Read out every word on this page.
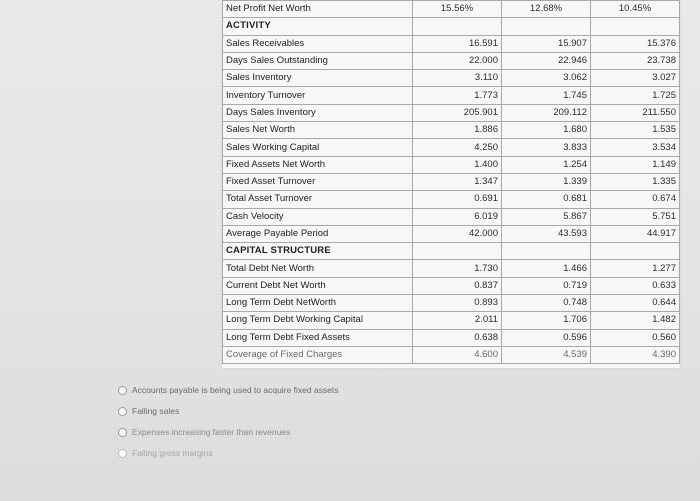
Net Profit Net Worth	15.56%	12.68%	10.45%
ACTIVITY			
Sales Receivables	16.591	15.907	15.376
Days Sales Outstanding	22.000	22.946	23.738
Sales Inventory	3.110	3.062	3.027
Inventory Turnover	1.773	1.745	1.725
Days Sales Inventory	205.901	209.112	211.550
Sales Net Worth	1.886	1.680	1.535
Sales Working Capital	4.250	3.833	3.534
Fixed Assets Net Worth	1.400	1.254	1.149
Fixed Asset Turnover	1.347	1.339	1.335
Total Asset Turnover	0.691	0.681	0.674
Cash Velocity	6.019	5.867	5.751
Average Payable Period	42.000	43.593	44.917
CAPITAL STRUCTURE			
Total Debt Net Worth	1.730	1.466	1.277
Current Debt Net Worth	0.837	0.719	0.633
Long Term Debt NetWorth	0.893	0.748	0.644
Long Term Debt Working Capital	2.011	1.706	1.482
Long Term Debt Fixed Assets	0.638	0.596	0.560
Coverage of Fixed Charges	4.600	4.539	4.390
Accounts payable is being used to acquire fixed assets
Falling sales
Expenses increasing faster than revenues
Falling gross margins
